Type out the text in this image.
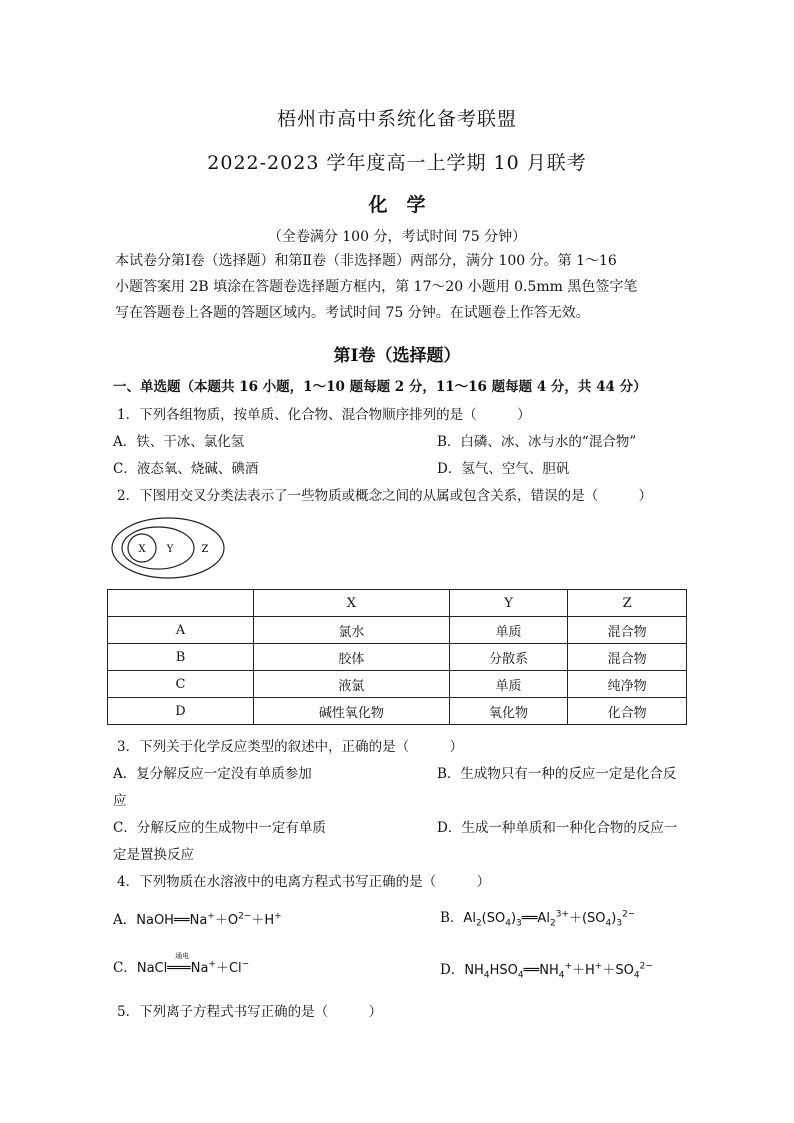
梧州市高中系统化备考联盟
2022-2023 学年度高一上学期 10 月联考
化　学
（全卷满分 100 分，考试时间 75 分钟）
本试卷分第Ⅰ卷（选择题）和第Ⅱ卷（非选择题）两部分，满分 100 分。第 1～16
小题答案用 2B 填涂在答题卷选择题方框内，第 17～20 小题用 0.5mm 黑色签字笔
写在答题卷上各题的答题区域内。考试时间 75 分钟。在试题卷上作答无效。
第Ⅰ卷（选择题）
一、单选题（本题共 16 小题，1～10 题每题 2 分，11～16 题每题 4 分，共 44 分）
1．下列各组物质，按单质、化合物、混合物顺序排列的是（　　　）
A．铁、干冰、氯化氢	B．白磷、冰、冰与水的“混合物”
C．液态氧、烧碱、碘酒	D．氢气、空气、胆矾
2．下图用交叉分类法表示了一些物质或概念之间的从属或包含关系，错误的是（　　　）
X Y	Z
	X	Y	Z
A	氯水	单质	混合物
B	胶体	分散系	混合物
C	液氯	单质	纯净物
D	碱性氧化物	氧化物	化合物
3．下列关于化学反应类型的叙述中，正确的是（　　　）
A．复分解反应一定没有单质参加	B．生成物只有一种的反应一定是化合反
应
C．分解反应的生成物中一定有单质	D．生成一种单质和一种化合物的反应一
定是置换反应
4．下列物质在水溶液中的电离方程式书写正确的是（　　　）
A．$NaOH══Na^++O^{2-}+H^+$	B．$Al_2(SO_4)_3══Al_2^{3+}+(SO_4)_3^{2-}$
C．NaCl
通电
═══Na+＋Cl−	D．$NH_4HSO_4══NH_4^++H^++SO_4^{2-}$
5．下列离子方程式书写正确的是（　　　）
